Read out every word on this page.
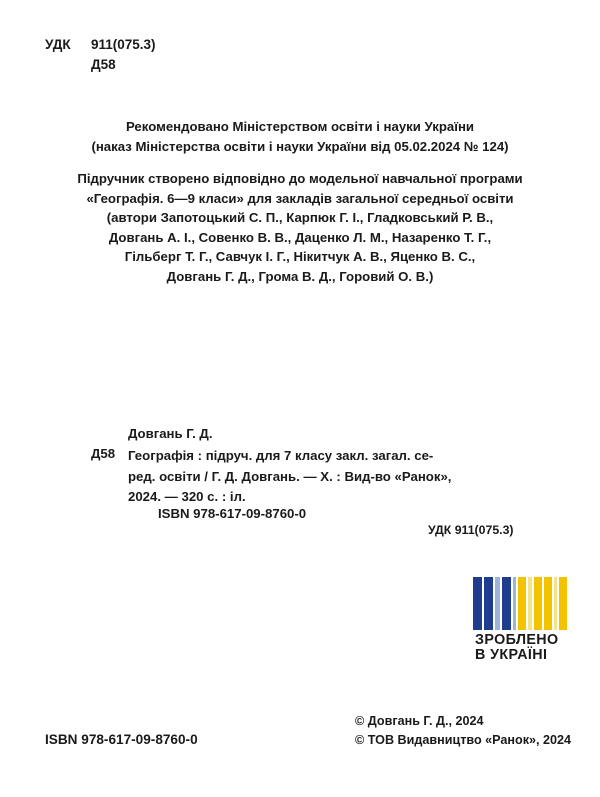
УДК 911(075.3)
Д58
Рекомендовано Міністерством освіти і науки України
(наказ Міністерства освіти і науки України від 05.02.2024 № 124)
Підручник створено відповідно до модельної навчальної програми
«Географія. 6—9 класи» для закладів загальної середньої освіти
(автори Запотоцький С. П., Карпюк Г. І., Гладковський Р. В.,
Довгань А. І., Совенко В. В., Даценко Л. М., Назаренко Т. Г.,
Гільберг Т. Г., Савчук І. Г., Нікитчук А. В., Яценко В. С.,
Довгань Г. Д., Грома В. Д., Горовий О. В.)
Довгань Г. Д.
Д58 Географія : підруч. для 7 класу закл. загал. се-
ред. освіти / Г. Д. Довгань. — Х. : Вид-во «Ранок»,
2024. — 320 с. : іл.
ISBN 978-617-09-8760-0
УДК 911(075.3)
ЗРОБЛЕНО
В УКРАЇНІ
ISBN 978-617-09-8760-0
© Довгань Г. Д., 2024
© ТОВ Видавництво «Ранок», 2024
